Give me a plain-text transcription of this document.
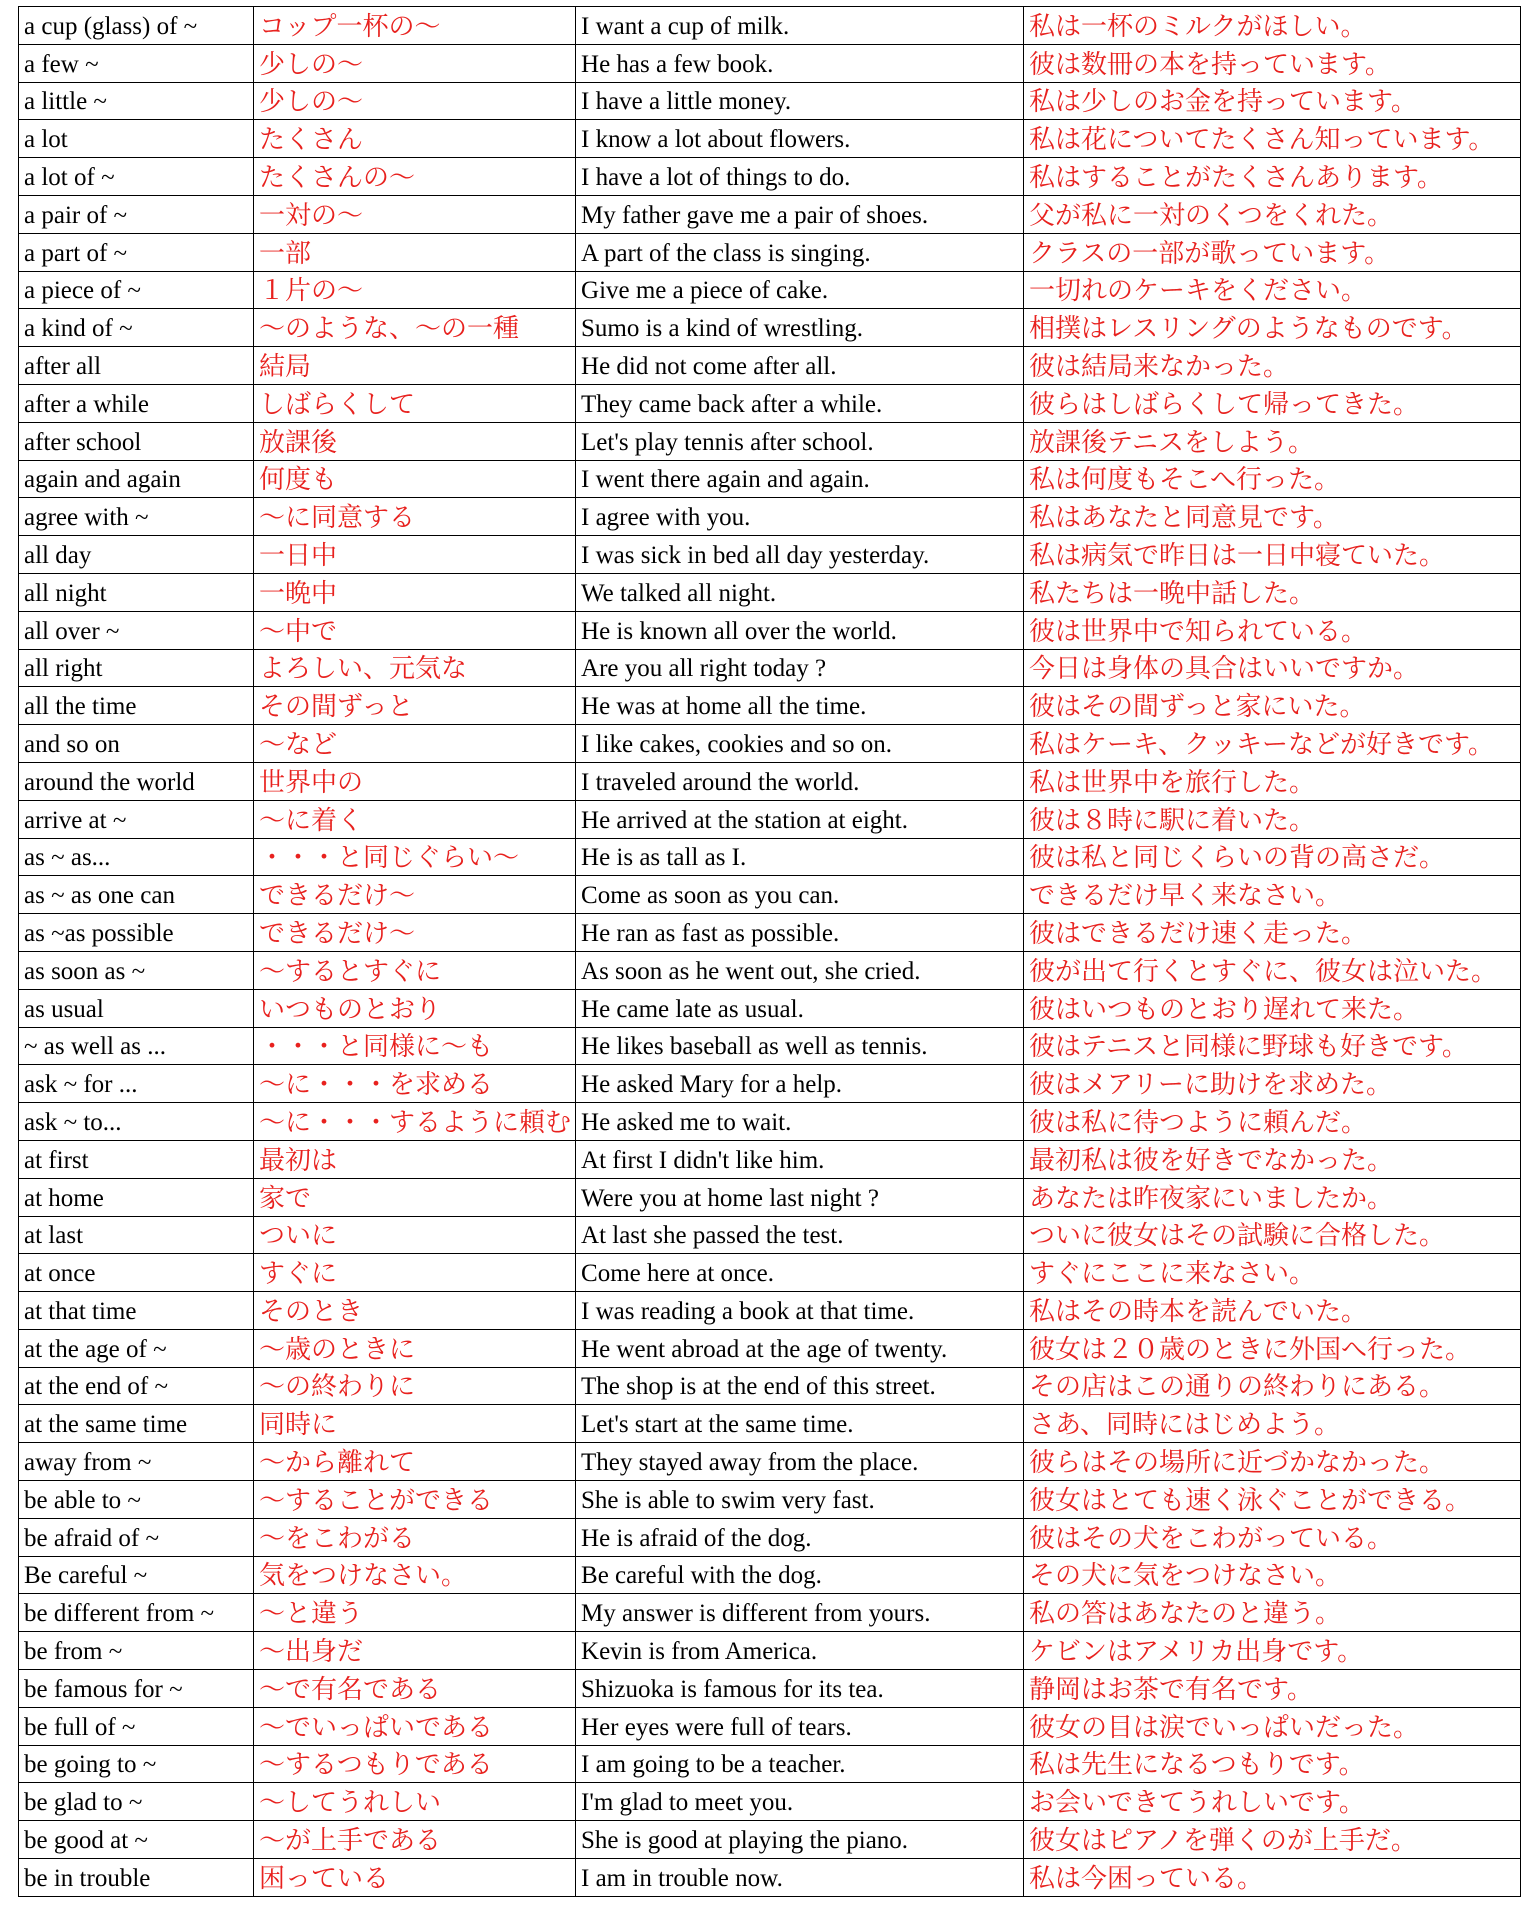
a cup (glass) of ~	コップ一杯の～	I want a cup of milk.	私は一杯のミルクがほしい。
a few ~	少しの～	He has a few book.	彼は数冊の本を持っています。
a little ~	少しの～	I have a little money.	私は少しのお金を持っています。
a lot	たくさん	I know a lot about flowers.	私は花についてたくさん知っています。
a lot of ~	たくさんの～	I have a lot of things to do.	私はすることがたくさんあります。
a pair of ~	一対の～	My father gave me a pair of shoes.	父が私に一対のくつをくれた。
a part of ~	一部	A part of the class is singing.	クラスの一部が歌っています。
a piece of ~	１片の～	Give me a piece of cake.	一切れのケーキをください。
a kind of ~	～のような、～の一種	Sumo is a kind of wrestling.	相撲はレスリングのようなものです。
after all	結局	He did not come after all.	彼は結局来なかった。
after a while	しばらくして	They came back after a while.	彼らはしばらくして帰ってきた。
after school	放課後	Let's play tennis after school.	放課後テニスをしよう。
again and again	何度も	I went there again and again.	私は何度もそこへ行った。
agree with ~	～に同意する	I agree with you.	私はあなたと同意見です。
all day	一日中	I was sick in bed all day yesterday.	私は病気で昨日は一日中寝ていた。
all night	一晩中	We talked all night.	私たちは一晩中話した。
all over ~	～中で	He is known all over the world.	彼は世界中で知られている。
all right	よろしい、元気な	Are you all right today ?	今日は身体の具合はいいですか。
all the time	その間ずっと	He was at home all the time.	彼はその間ずっと家にいた。
and so on	～など	I like cakes, cookies and so on.	私はケーキ、クッキーなどが好きです。
around the world	世界中の	I traveled around the world.	私は世界中を旅行した。
arrive at ~	～に着く	He arrived at the station at eight.	彼は８時に駅に着いた。
as ~ as...	・・・と同じぐらい～	He is as tall as I.	彼は私と同じくらいの背の高さだ。
as ~ as one can	できるだけ～	Come as soon as you can.	できるだけ早く来なさい。
as ~as possible	できるだけ～	He ran as fast as possible.	彼はできるだけ速く走った。
as soon as ~	～するとすぐに	As soon as he went out, she cried.	彼が出て行くとすぐに、彼女は泣いた。
as usual	いつものとおり	He came late as usual.	彼はいつものとおり遅れて来た。
~ as well as ...	・・・と同様に～も	He likes baseball as well as tennis.	彼はテニスと同様に野球も好きです。
ask ~ for ...	～に・・・を求める	He asked Mary for a help.	彼はメアリーに助けを求めた。
ask ~ to...	～に・・・するように頼む	He asked me to wait.	彼は私に待つように頼んだ。
at first	最初は	At first I didn't like him.	最初私は彼を好きでなかった。
at home	家で	Were you at home last night ?	あなたは昨夜家にいましたか。
at last	ついに	At last she passed the test.	ついに彼女はその試験に合格した。
at once	すぐに	Come here at once.	すぐにここに来なさい。
at that time	そのとき	I was reading a book at that time.	私はその時本を読んでいた。
at the age of ~	～歳のときに	He went abroad at the age of twenty.	彼女は２０歳のときに外国へ行った。
at the end of ~	～の終わりに	The shop is at the end of this street.	その店はこの通りの終わりにある。
at the same time	同時に	Let's start at the same time.	さあ、同時にはじめよう。
away from ~	～から離れて	They stayed away from the place.	彼らはその場所に近づかなかった。
be able to ~	～することができる	She is able to swim very fast.	彼女はとても速く泳ぐことができる。
be afraid of ~	～をこわがる	He is afraid of the dog.	彼はその犬をこわがっている。
Be careful ~	気をつけなさい。	Be careful with the dog.	その犬に気をつけなさい。
be different from ~	～と違う	My answer is different from yours.	私の答はあなたのと違う。
be from ~	～出身だ	Kevin is from America.	ケビンはアメリカ出身です。
be famous for ~	～で有名である	Shizuoka is famous for its tea.	静岡はお茶で有名です。
be full of ~	～でいっぱいである	Her eyes were full of tears.	彼女の目は涙でいっぱいだった。
be going to ~	～するつもりである	I am going to be a teacher.	私は先生になるつもりです。
be glad to ~	～してうれしい	I'm glad to meet you.	お会いできてうれしいです。
be good at ~	～が上手である	She is good at playing the piano.	彼女はピアノを弾くのが上手だ。
be in trouble	困っている	I am in trouble now.	私は今困っている。
